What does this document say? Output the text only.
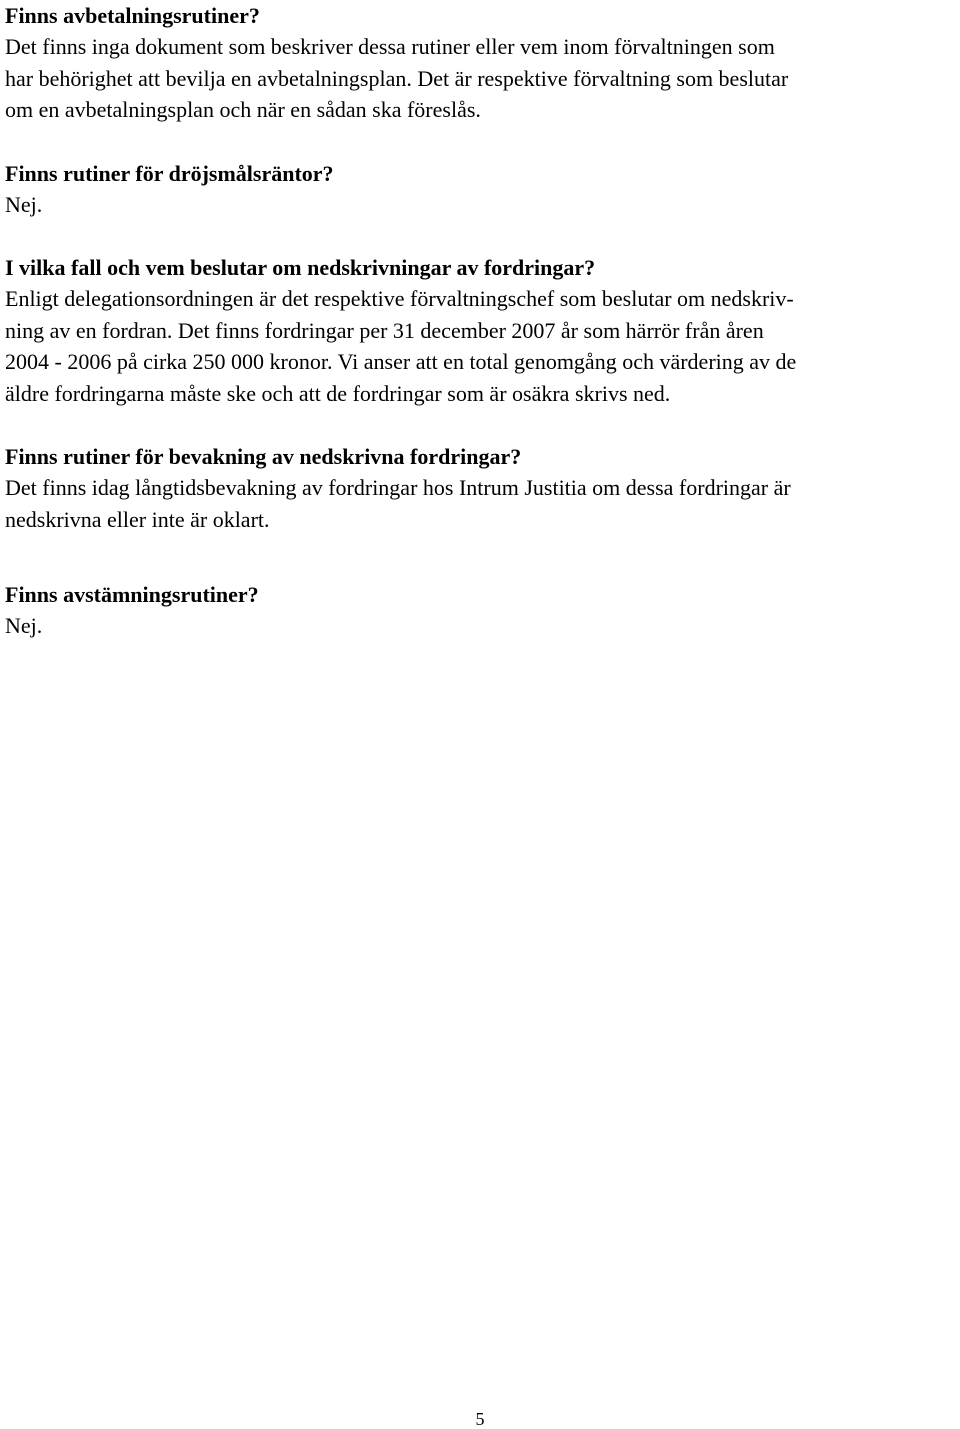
Finns avbetalningsrutiner?
Det finns inga dokument som beskriver dessa rutiner eller vem inom förvaltningen som
har behörighet att bevilja en avbetalningsplan. Det är respektive förvaltning som beslutar
om en avbetalningsplan och när en sådan ska föreslås.
Finns rutiner för dröjsmålsräntor?
Nej.
I vilka fall och vem beslutar om nedskrivningar av fordringar?
Enligt delegationsordningen är det respektive förvaltningschef som beslutar om nedskriv-
ning av en fordran. Det finns fordringar per 31 december 2007 år som härrör från åren
2004 - 2006 på cirka 250 000 kronor. Vi anser att en total genomgång och värdering av de
äldre fordringarna måste ske och att de fordringar som är osäkra skrivs ned.
Finns rutiner för bevakning av nedskrivna fordringar?
Det finns idag långtidsbevakning av fordringar hos Intrum Justitia om dessa fordringar är
nedskrivna eller inte är oklart.
Finns avstämningsrutiner?
Nej.
5
